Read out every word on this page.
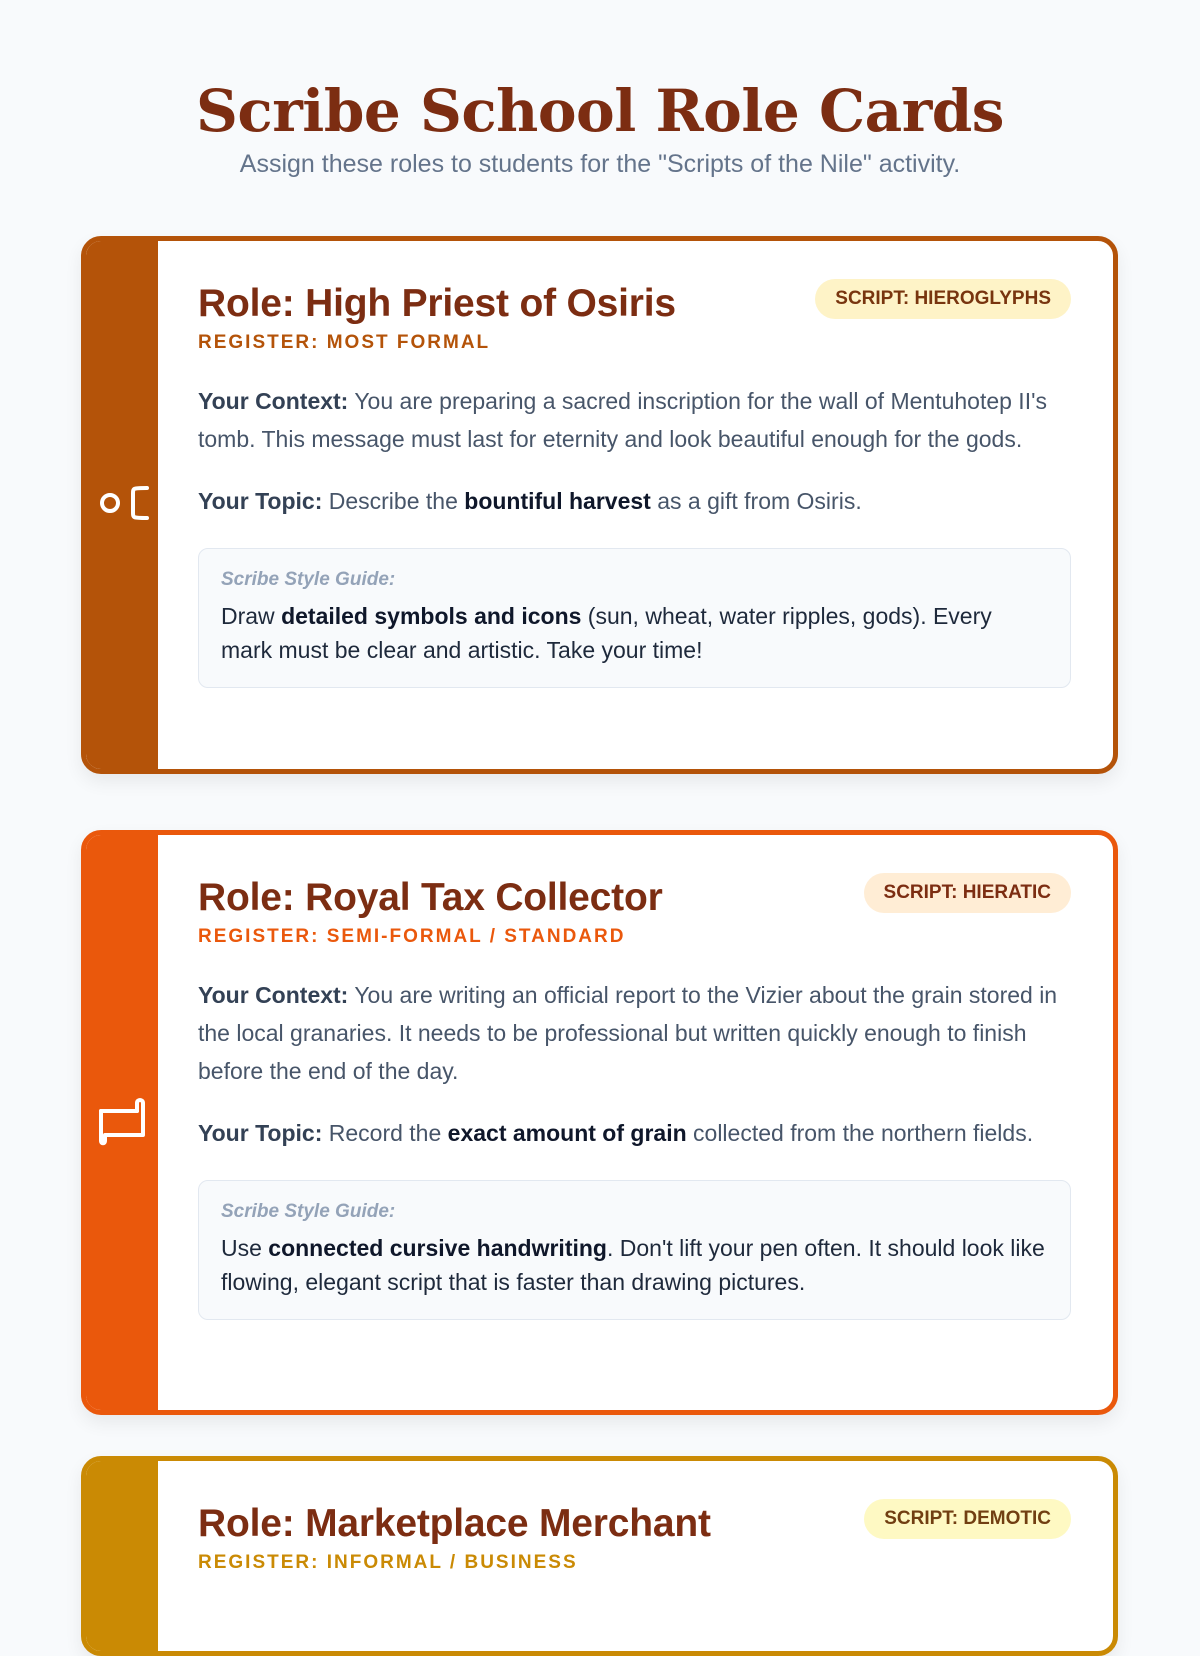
Scribe School Role Cards
Assign these roles to students for the "Scripts of the Nile" activity.
SCRIPT: HIEROGLYPHS
Role: High Priest of Osiris
REGISTER: MOST FORMAL
Your Context: You are preparing a sacred inscription for the wall of Mentuhotep II's tomb. This message must last for eternity and look beautiful enough for the gods.
Your Topic: Describe the bountiful harvest as a gift from Osiris.
Scribe Style Guide:
Draw detailed symbols and icons (sun, wheat, water ripples, gods). Every mark must be clear and artistic. Take your time!
SCRIPT: HIERATIC
Role: Royal Tax Collector
REGISTER: SEMI-FORMAL / STANDARD
Your Context: You are writing an official report to the Vizier about the grain stored in the local granaries. It needs to be professional but written quickly enough to finish before the end of the day.
Your Topic: Record the exact amount of grain collected from the northern fields.
Scribe Style Guide:
Use connected cursive handwriting. Don't lift your pen often. It should look like flowing, elegant script that is faster than drawing pictures.
SCRIPT: DEMOTIC
Role: Marketplace Merchant
REGISTER: INFORMAL / BUSINESS
